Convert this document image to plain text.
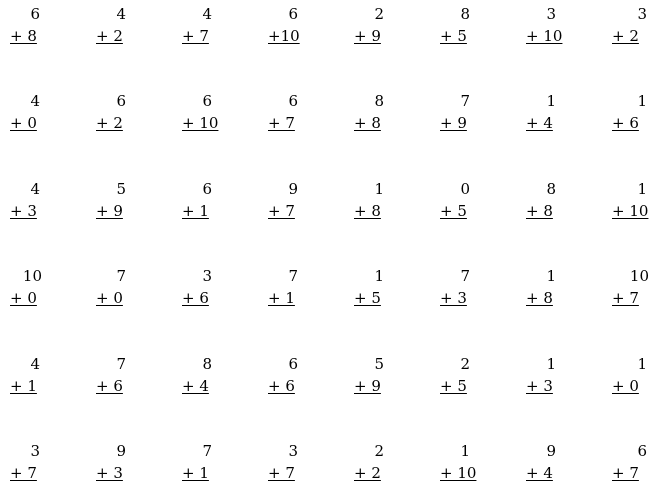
6
+ 8
4
+ 2
4
+ 7
6
+10
2
+ 9
8
+ 5
3
+ 10
3
+ 2
4
+ 0
6
+ 2
6
+ 10
6
+ 7
8
+ 8
7
+ 9
1
+ 4
1
+ 6
4
+ 3
5
+ 9
6
+ 1
9
+ 7
1
+ 8
0
+ 5
8
+ 8
1
+ 10
10
+ 0
7
+ 0
3
+ 6
7
+ 1
1
+ 5
7
+ 3
1
+ 8
10
+ 7
4
+ 1
7
+ 6
8
+ 4
6
+ 6
5
+ 9
2
+ 5
1
+ 3
1
+ 0
3
+ 7
9
+ 3
7
+ 1
3
+ 7
2
+ 2
1
+ 10
9
+ 4
6
+ 7
